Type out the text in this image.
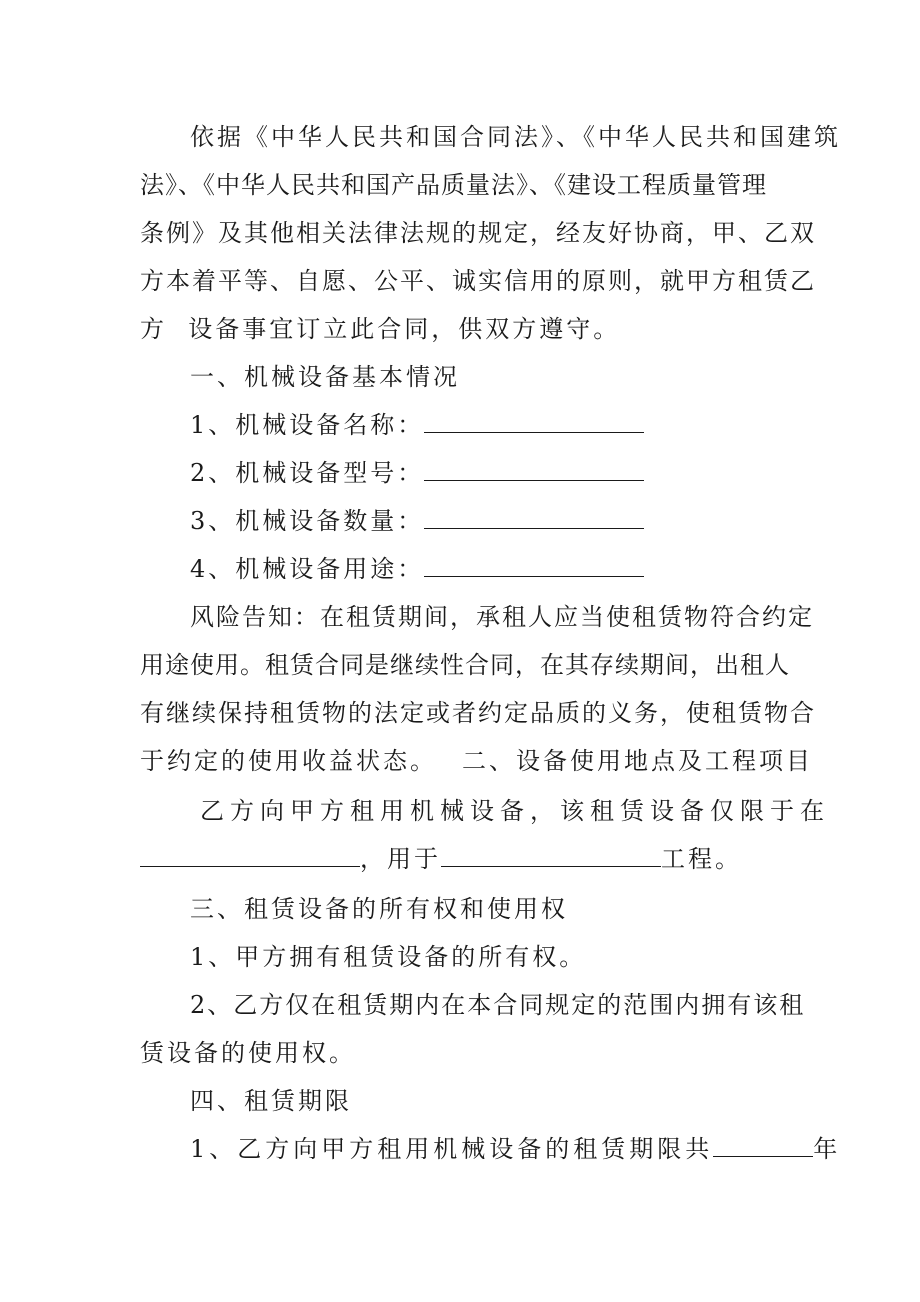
依据《中华人民共和国合同法》、《中华人民共和国建筑
法》、《中华人民共和国产品质量法》、《建设工程质量管理
条例》及其他相关法律法规的规定，经友好协商，甲、乙双
方本着平等、自愿、公平、诚实信用的原则，就甲方租赁乙
方  设备事宜订立此合同，供双方遵守。
一、机械设备基本情况
1、机械设备名称：
2、机械设备型号：
3、机械设备数量：
4、机械设备用途：
风险告知：在租赁期间，承租人应当使租赁物符合约定
用途使用。租赁合同是继续性合同，在其存续期间，出租人
有继续保持租赁物的法定或者约定品质的义务，使租赁物合
于约定的使用收益状态。 二、设备使用地点及工程项目
乙方向甲方租用机械设备，该租赁设备仅限于在
，用于	工程。
三、租赁设备的所有权和使用权
1、甲方拥有租赁设备的所有权。
2、乙方仅在租赁期内在本合同规定的范围内拥有该租
赁设备的使用权。
四、租赁期限
1、乙方向甲方租用机械设备的租赁期限共	年
